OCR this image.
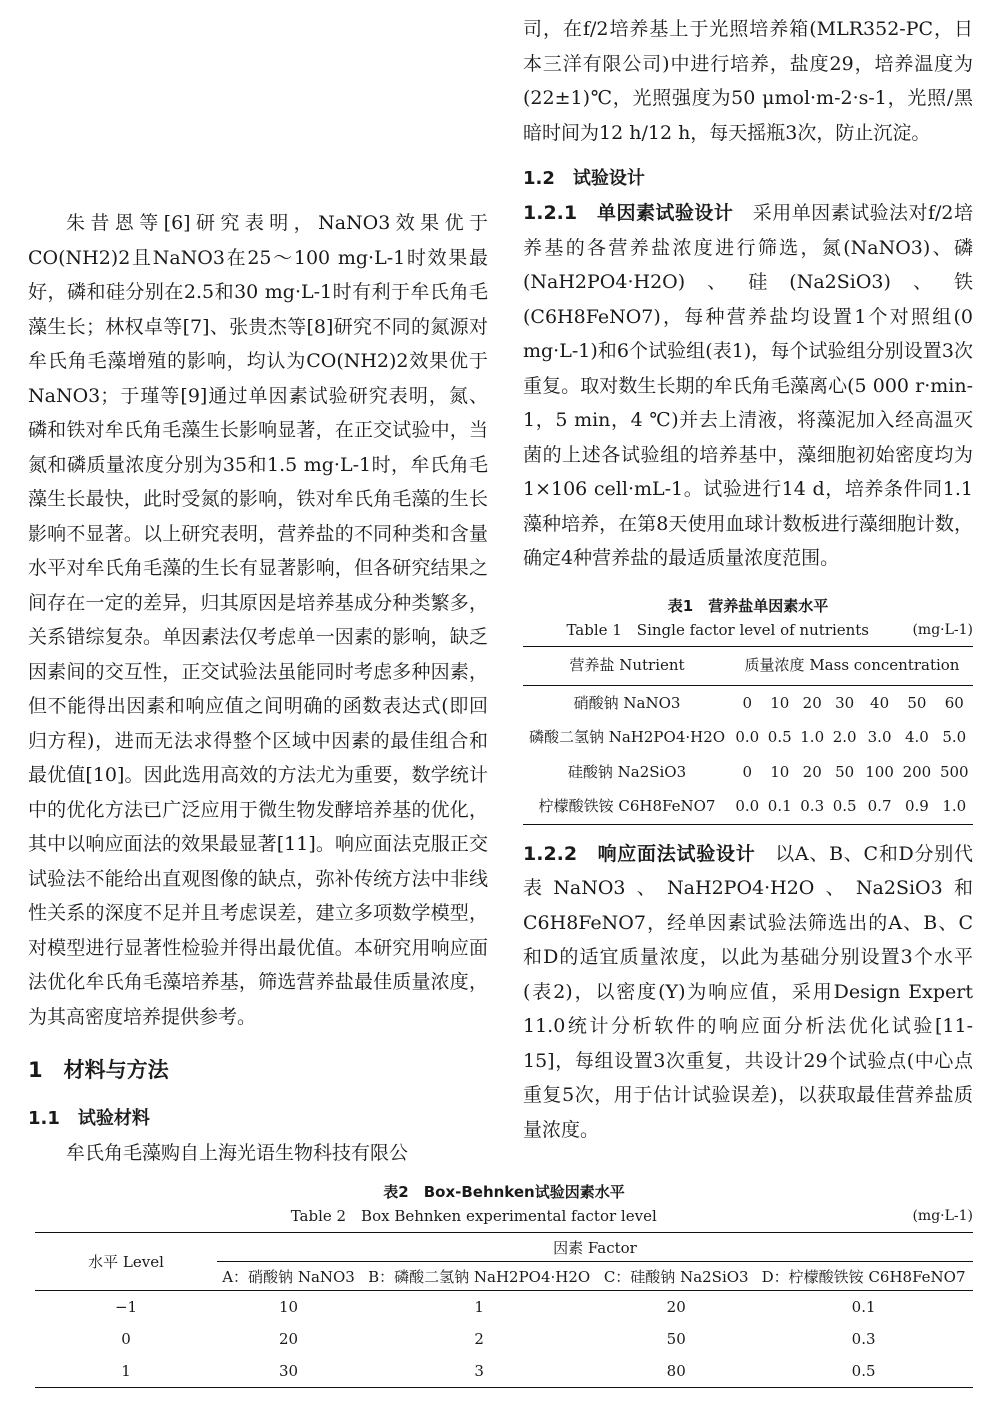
朱昔恩等[6]研究表明，NaNO3效果优于CO(NH2)2且NaNO3在25～100 mg·L-1时效果最好，磷和硅分别在2.5和30 mg·L-1时有利于牟氏角毛藻生长；林权卓等[7]、张贵杰等[8]研究不同的氮源对牟氏角毛藻增殖的影响，均认为CO(NH2)2效果优于NaNO3；于瑾等[9]通过单因素试验研究表明，氮、磷和铁对牟氏角毛藻生长影响显著，在正交试验中，当氮和磷质量浓度分别为35和1.5 mg·L-1时，牟氏角毛藻生长最快，此时受氮的影响，铁对牟氏角毛藻的生长影响不显著。以上研究表明，营养盐的不同种类和含量水平对牟氏角毛藻的生长有显著影响，但各研究结果之间存在一定的差异，归其原因是培养基成分种类繁多，关系错综复杂。单因素法仅考虑单一因素的影响，缺乏因素间的交互性，正交试验法虽能同时考虑多种因素，但不能得出因素和响应值之间明确的函数表达式(即回归方程)，进而无法求得整个区域中因素的最佳组合和最优值[10]。因此选用高效的方法尤为重要，数学统计中的优化方法已广泛应用于微生物发酵培养基的优化，其中以响应面法的效果最显著[11]。响应面法克服正交试验法不能给出直观图像的缺点，弥补传统方法中非线性关系的深度不足并且考虑误差，建立多项数学模型，对模型进行显著性检验并得出最优值。本研究用响应面法优化牟氏角毛藻培养基，筛选营养盐最佳质量浓度，为其高密度培养提供参考。

1　材料与方法
1.1　试验材料

牟氏角毛藻购自上海光语生物科技有限公

司，在f/2培养基上于光照培养箱(MLR352-PC，日本三洋有限公司)中进行培养，盐度29，培养温度为(22±1)℃，光照强度为50 μmol·m-2·s-1，光照/黑暗时间为12 h/12 h，每天摇瓶3次，防止沉淀。

1.2　试验设计

1.2.1　单因素试验设计　采用单因素试验法对f/2培养基的各营养盐浓度进行筛选，氮(NaNO3)、磷(NaH2PO4·H2O)、硅(Na2SiO3)、铁(C6H8FeNO7)，每种营养盐均设置1个对照组(0 mg·L-1)和6个试验组(表1)，每个试验组分别设置3次重复。取对数生长期的牟氏角毛藻离心(5 000 r·min-1，5 min，4 ℃)并去上清液，将藻泥加入经高温灭菌的上述各试验组的培养基中，藻细胞初始密度均为1×106 cell·mL-1。试验进行14 d，培养条件同1.1藻种培养，在第8天使用血球计数板进行藻细胞计数，确定4种营养盐的最适质量浓度范围。

表1　营养盐单因素水平
Table 1　Single factor level of nutrients	(mg·L-1)
营养盐 Nutrient	质量浓度 Mass concentration						
硝酸钠 NaNO3	0	10	20	30	40	50	60
磷酸二氢钠 NaH2PO4·H2O	0.0	0.5	1.0	2.0	3.0	4.0	5.0
硅酸钠 Na2SiO3	0	10	20	50	100	200	500
柠檬酸铁铵 C6H8FeNO7	0.0	0.1	0.3	0.5	0.7	0.9	1.0

1.2.2　响应面法试验设计　以A、B、C和D分别代表NaNO3、NaH2PO4·H2O、Na2SiO3和C6H8FeNO7，经单因素试验法筛选出的A、B、C和D的适宜质量浓度，以此为基础分别设置3个水平(表2)，以密度(Y)为响应值，采用Design Expert 11.0统计分析软件的响应面分析法优化试验[11-15]，每组设置3次重复，共设计29个试验点(中心点重复5次，用于估计试验误差)，以获取最佳营养盐质量浓度。

表2　Box-Behnken试验因素水平
Table 2　Box Behnken experimental factor level	(mg·L-1)
水平 Level	因素 Factor			
	A：硝酸钠 NaNO3	B：磷酸二氢钠 NaH2PO4·H2O	C：硅酸钠 Na2SiO3	D：柠檬酸铁铵 C6H8FeNO7
−1	10	1	20	0.1
0	20	2	50	0.3
1	30	3	80	0.5
